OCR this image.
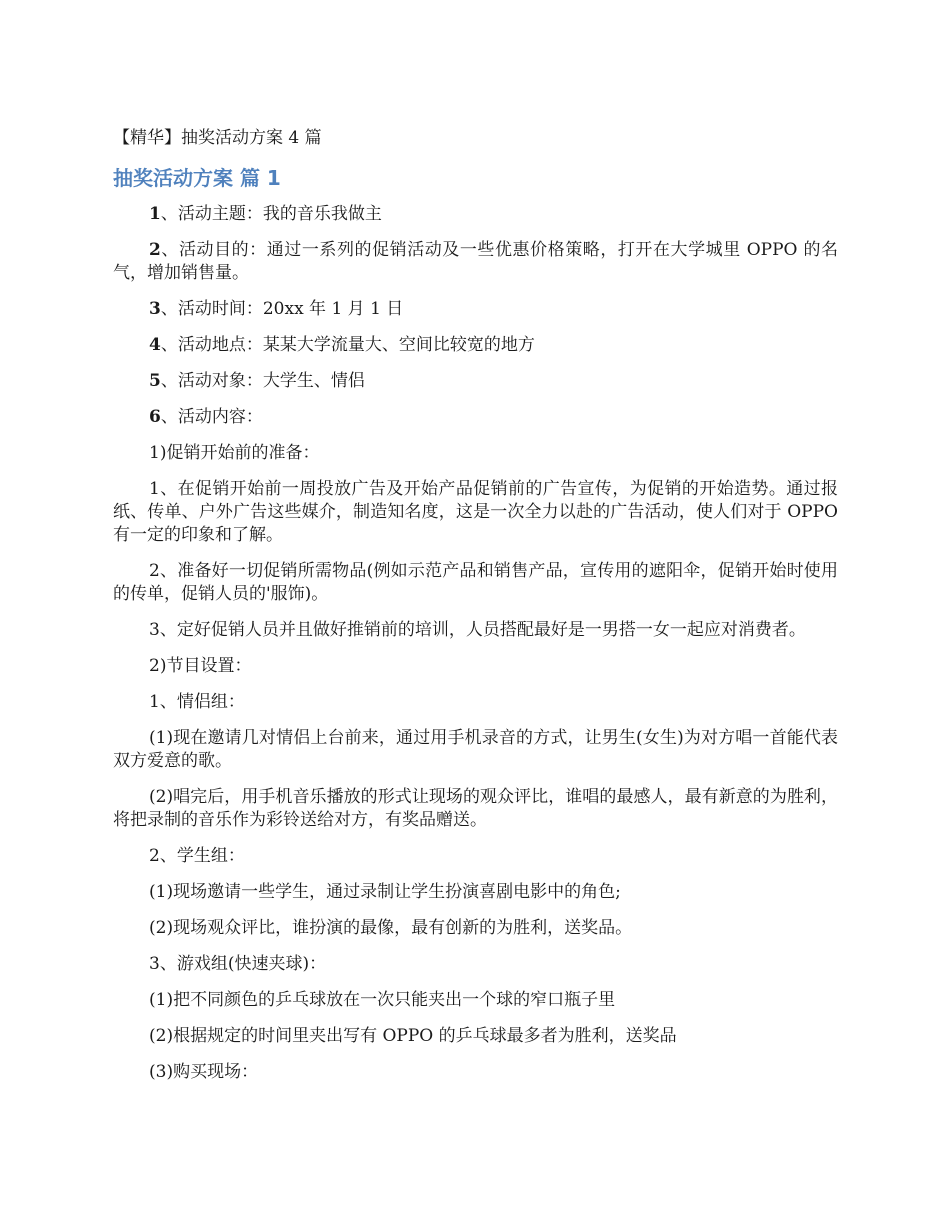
【精华】抽奖活动方案 4 篇
抽奖活动方案 篇 1

1、活动主题：我的音乐我做主

2、活动目的：通过一系列的促销活动及一些优惠价格策略，打开在大学城里 OPPO 的名气，增加销售量。

3、活动时间：20xx 年 1 月 1 日

4、活动地点：某某大学流量大、空间比较宽的地方

5、活动对象：大学生、情侣

6、活动内容：

1)促销开始前的准备：

1、在促销开始前一周投放广告及开始产品促销前的广告宣传，为促销的开始造势。通过报纸、传单、户外广告这些媒介，制造知名度，这是一次全力以赴的广告活动，使人们对于 OPPO 有一定的印象和了解。

2、准备好一切促销所需物品(例如示范产品和销售产品，宣传用的遮阳伞，促销开始时使用的传单，促销人员的'服饰)。

3、定好促销人员并且做好推销前的培训，人员搭配最好是一男搭一女一起应对消费者。

2)节目设置：

1、情侣组：

(1)现在邀请几对情侣上台前来，通过用手机录音的方式，让男生(女生)为对方唱一首能代表双方爱意的歌。

(2)唱完后，用手机音乐播放的形式让现场的观众评比，谁唱的最感人，最有新意的为胜利，将把录制的音乐作为彩铃送给对方，有奖品赠送。

2、学生组：

(1)现场邀请一些学生，通过录制让学生扮演喜剧电影中的角色;

(2)现场观众评比，谁扮演的最像，最有创新的为胜利，送奖品。

3、游戏组(快速夹球)：

(1)把不同颜色的乒乓球放在一次只能夹出一个球的窄口瓶子里

(2)根据规定的时间里夹出写有 OPPO 的乒乓球最多者为胜利，送奖品

(3)购买现场：
